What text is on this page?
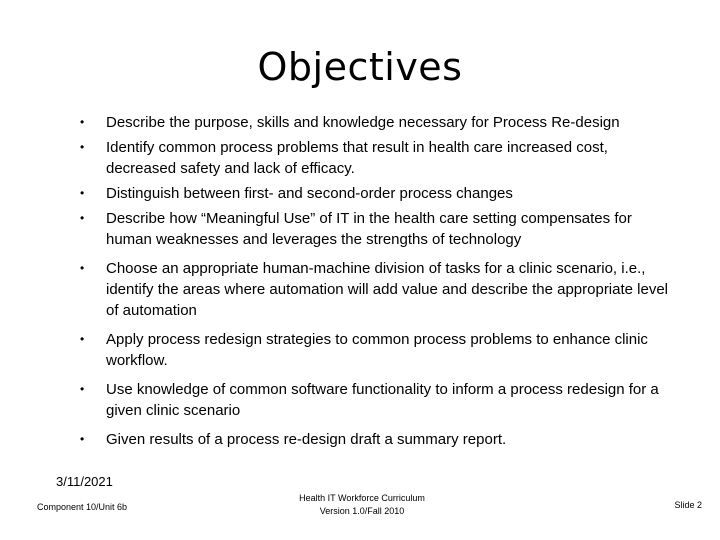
Objectives
• Describe the purpose, skills and knowledge necessary for Process Re-design
• Identify common process problems that result in health care increased cost, decreased safety and lack of efficacy.
• Distinguish between first- and second-order process changes
• Describe how “Meaningful Use” of IT in the health care setting compensates for human weaknesses and leverages the strengths of technology
• Choose an appropriate human-machine division of tasks for a clinic scenario, i.e., identify the areas where automation will add value and describe the appropriate level of automation
• Apply process redesign strategies to common process problems to enhance clinic workflow.
• Use knowledge of common software functionality to inform a process redesign for a given clinic scenario
• Given results of a process re-design draft a summary report.
3/11/2021
Component 10/Unit 6b
Health IT Workforce Curriculum
Version 1.0/Fall 2010
Slide 2
